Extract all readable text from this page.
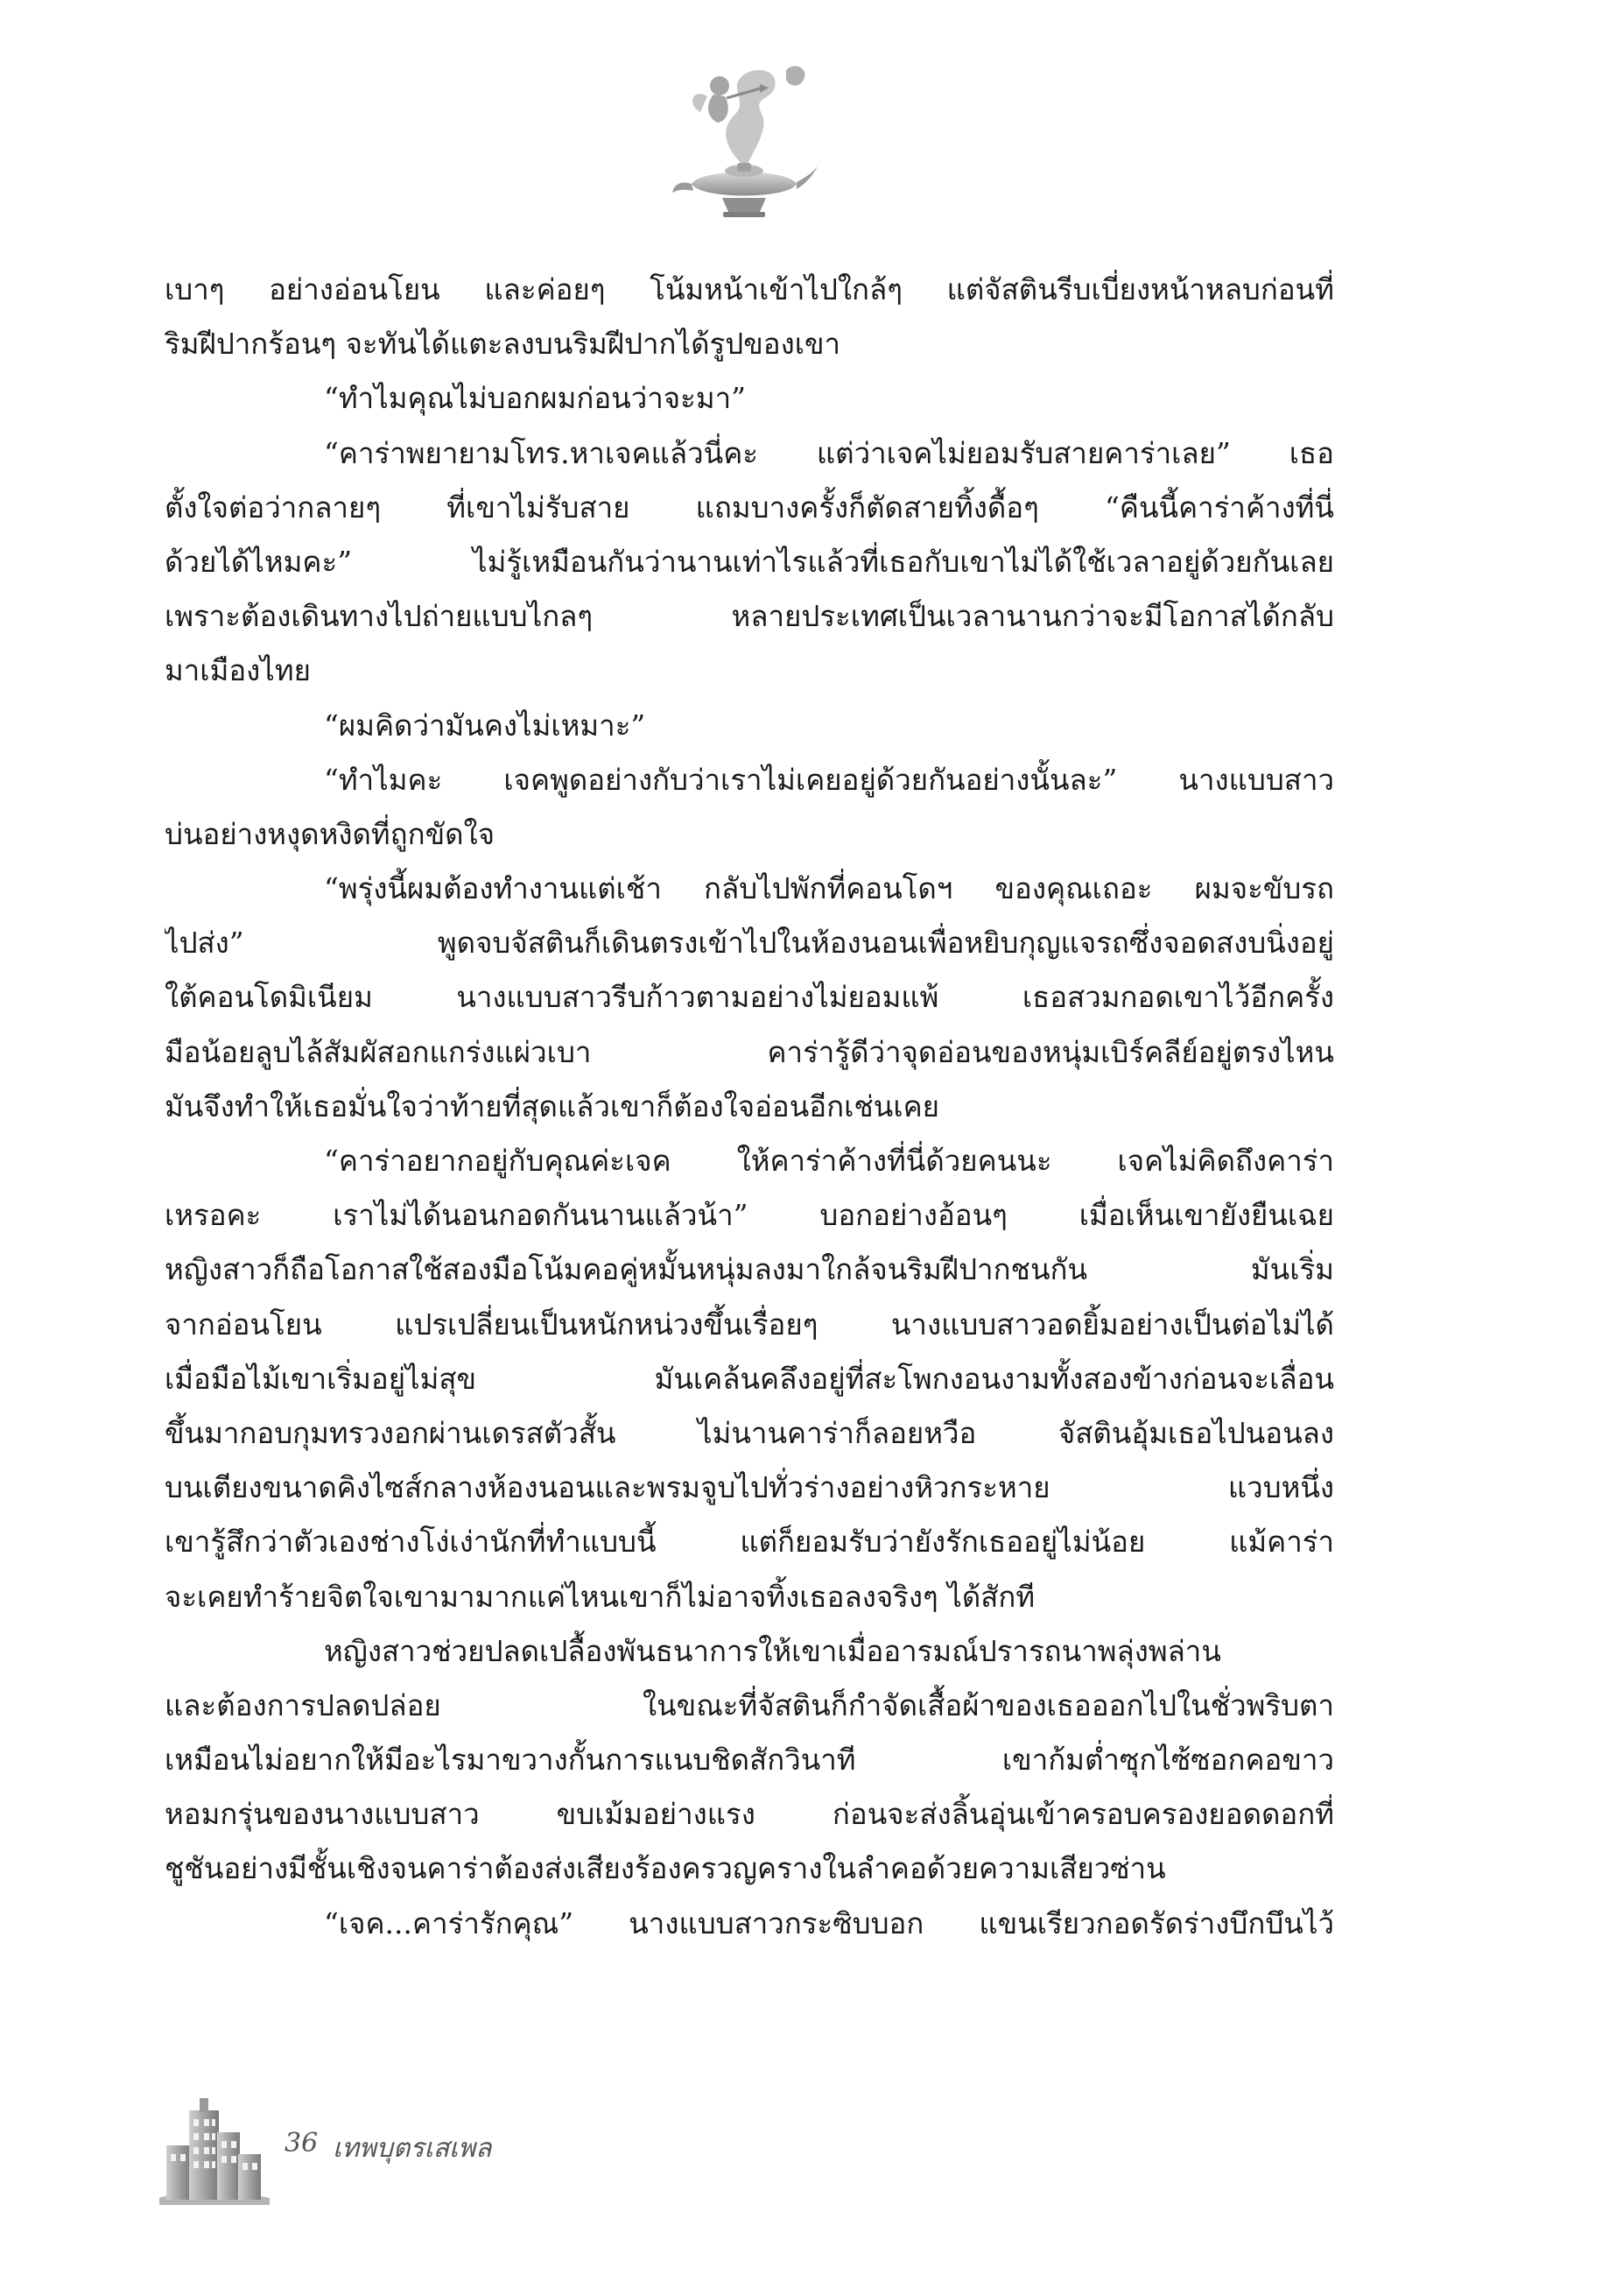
เบาๆ อย่างอ่อนโยน และค่อยๆ โน้มหน้าเข้าไปใกล้ๆ แต่จัสตินรีบเบี่ยงหน้าหลบก่อนที่
ริมฝีปากร้อนๆ จะทันได้แตะลงบนริมฝีปากได้รูปของเขา
“ทำไมคุณไม่บอกผมก่อนว่าจะมา”
“คาร่าพยายามโทร.หาเจคแล้วนี่คะ แต่ว่าเจคไม่ยอมรับสายคาร่าเลย” เธอ
ตั้งใจต่อว่ากลายๆ ที่เขาไม่รับสาย แถมบางครั้งก็ตัดสายทิ้งดื้อๆ “คืนนี้คาร่าค้างที่นี่
ด้วยได้ไหมคะ” ไม่รู้เหมือนกันว่านานเท่าไรแล้วที่เธอกับเขาไม่ได้ใช้เวลาอยู่ด้วยกันเลย
เพราะต้องเดินทางไปถ่ายแบบไกลๆ หลายประเทศเป็นเวลานานกว่าจะมีโอกาสได้กลับ
มาเมืองไทย
“ผมคิดว่ามันคงไม่เหมาะ”
“ทำไมคะ เจคพูดอย่างกับว่าเราไม่เคยอยู่ด้วยกันอย่างนั้นละ” นางแบบสาว
บ่นอย่างหงุดหงิดที่ถูกขัดใจ
“พรุ่งนี้ผมต้องทำงานแต่เช้า กลับไปพักที่คอนโดฯ ของคุณเถอะ ผมจะขับรถ
ไปส่ง” พูดจบจัสตินก็เดินตรงเข้าไปในห้องนอนเพื่อหยิบกุญแจรถซึ่งจอดสงบนิ่งอยู่
ใต้คอนโดมิเนียม นางแบบสาวรีบก้าวตามอย่างไม่ยอมแพ้ เธอสวมกอดเขาไว้อีกครั้ง
มือน้อยลูบไล้สัมผัสอกแกร่งแผ่วเบา คาร่ารู้ดีว่าจุดอ่อนของหนุ่มเบิร์คลีย์อยู่ตรงไหน
มันจึงทำให้เธอมั่นใจว่าท้ายที่สุดแล้วเขาก็ต้องใจอ่อนอีกเช่นเคย
“คาร่าอยากอยู่กับคุณค่ะเจค ให้คาร่าค้างที่นี่ด้วยคนนะ เจคไม่คิดถึงคาร่า
เหรอคะ เราไม่ได้นอนกอดกันนานแล้วน้า” บอกอย่างอ้อนๆ เมื่อเห็นเขายังยืนเฉย
หญิงสาวก็ถือโอกาสใช้สองมือโน้มคอคู่หมั้นหนุ่มลงมาใกล้จนริมฝีปากชนกัน มันเริ่ม
จากอ่อนโยน แปรเปลี่ยนเป็นหนักหน่วงขึ้นเรื่อยๆ นางแบบสาวอดยิ้มอย่างเป็นต่อไม่ได้
เมื่อมือไม้เขาเริ่มอยู่ไม่สุข มันเคล้นคลึงอยู่ที่สะโพกงอนงามทั้งสองข้างก่อนจะเลื่อน
ขึ้นมากอบกุมทรวงอกผ่านเดรสตัวสั้น ไม่นานคาร่าก็ลอยหวือ จัสตินอุ้มเธอไปนอนลง
บนเตียงขนาดคิงไซส์กลางห้องนอนและพรมจูบไปทั่วร่างอย่างหิวกระหาย แวบหนึ่ง
เขารู้สึกว่าตัวเองช่างโง่เง่านักที่ทำแบบนี้ แต่ก็ยอมรับว่ายังรักเธออยู่ไม่น้อย แม้คาร่า
จะเคยทำร้ายจิตใจเขามามากแค่ไหนเขาก็ไม่อาจทิ้งเธอลงจริงๆ ได้สักที
หญิงสาวช่วยปลดเปลื้องพันธนาการให้เขาเมื่ออารมณ์ปรารถนาพลุ่งพล่าน
และต้องการปลดปล่อย ในขณะที่จัสตินก็กำจัดเสื้อผ้าของเธอออกไปในชั่วพริบตา
เหมือนไม่อยากให้มีอะไรมาขวางกั้นการแนบชิดสักวินาที เขาก้มต่ำซุกไซ้ซอกคอขาว
หอมกรุ่นของนางแบบสาว ขบเม้มอย่างแรง ก่อนจะส่งลิ้นอุ่นเข้าครอบครองยอดดอกที่
ชูชันอย่างมีชั้นเชิงจนคาร่าต้องส่งเสียงร้องครวญครางในลำคอด้วยความเสียวซ่าน
“เจค...คาร่ารักคุณ” นางแบบสาวกระซิบบอก แขนเรียวกอดรัดร่างบึกบึนไว้
36 เทพบุตรเสเพล
